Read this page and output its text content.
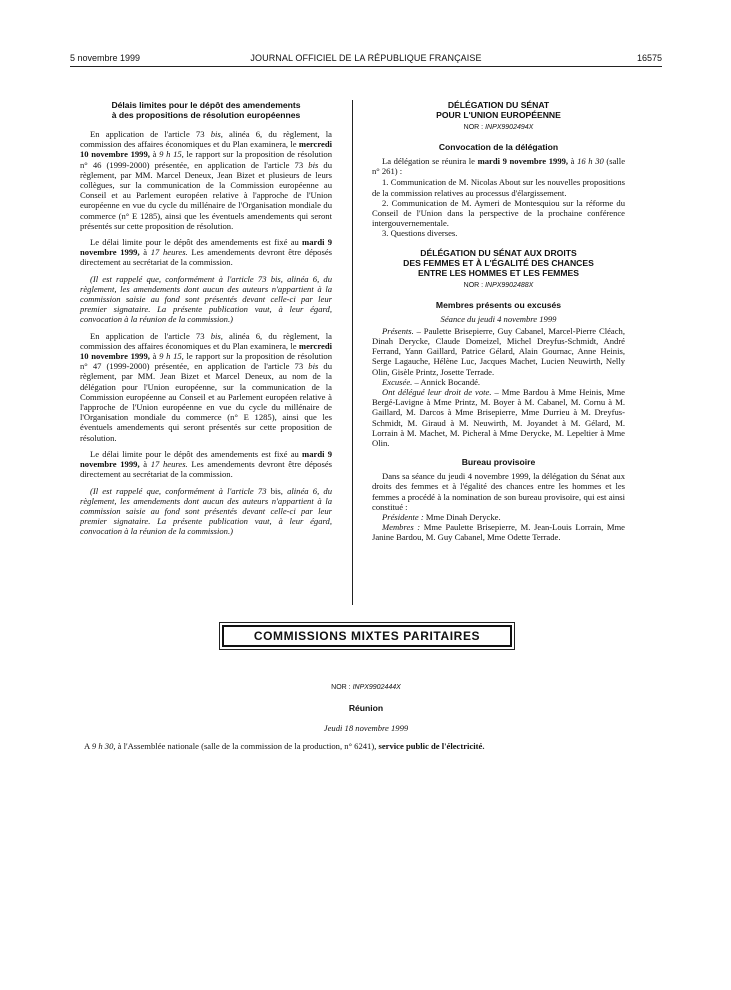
5 novembre 1999	JOURNAL OFFICIEL DE LA RÉPUBLIQUE FRANÇAISE	16575
Délais limites pour le dépôt des amendements
à des propositions de résolution européennes

En application de l'article 73 bis, alinéa 6, du règlement, la commission des affaires économiques et du Plan examinera, le mercredi 10 novembre 1999, à 9 h 15, le rapport sur la proposition de résolution n° 46 (1999-2000) présentée, en application de l'article 73 bis du règlement, par MM. Marcel Deneux, Jean Bizet et plusieurs de leurs collègues, sur la communication de la Commission européenne au Conseil et au Parlement européen relative à l'approche de l'Union européenne en vue du cycle du millénaire de l'Organisation mondiale du commerce (n° E 1285), ainsi que les éventuels amendements qui seront présentés sur cette proposition de résolution.

Le délai limite pour le dépôt des amendements est fixé au mardi 9 novembre 1999, à 17 heures. Les amendements devront être déposés directement au secrétariat de la commission.

(Il est rappelé que, conformément à l'article 73 bis, alinéa 6, du règlement, les amendements dont aucun des auteurs n'appartient à la commission saisie au fond sont présentés devant celle-ci par leur premier signataire. La présente publication vaut, à leur égard, convocation à la réunion de la commission.)

En application de l'article 73 bis, alinéa 6, du règlement, la commission des affaires économiques et du Plan examinera, le mercredi 10 novembre 1999, à 9 h 15, le rapport sur la proposition de résolution n° 47 (1999-2000) présentée, en application de l'article 73 bis du règlement, par MM. Jean Bizet et Marcel Deneux, au nom de la délégation pour l'Union européenne, sur la communication de la Commission européenne au Conseil et au Parlement européen relative à l'approche de l'Union européenne en vue du cycle du millénaire de l'Organisation mondiale du commerce (n° E 1285), ainsi que les éventuels amendements qui seront présentés sur cette proposition de résolution.

Le délai limite pour le dépôt des amendements est fixé au mardi 9 novembre 1999, à 17 heures. Les amendements devront être déposés directement au secrétariat de la commission.

(Il est rappelé que, conformément à l'article 73 bis, alinéa 6, du règlement, les amendements dont aucun des auteurs n'appartient à la commission saisie au fond sont présentés devant celle-ci par leur premier signataire. La présente publication vaut, à leur égard, convocation à la réunion de la commission.)

DÉLÉGATION DU SÉNAT
POUR L'UNION EUROPÉENNE
NOR : INPX9902494X
Convocation de la délégation

La délégation se réunira le mardi 9 novembre 1999, à 16 h 30 (salle n° 261) :

1. Communication de M. Nicolas About sur les nouvelles propositions de la commission relatives au processus d'élargissement.

2. Communication de M. Aymeri de Montesquiou sur la réforme du Conseil de l'Union dans la perspective de la prochaine conférence intergouvernementale.

3. Questions diverses.

DÉLÉGATION DU SÉNAT AUX DROITS
DES FEMMES ET À L'ÉGALITÉ DES CHANCES
ENTRE LES HOMMES ET LES FEMMES
NOR : INPX9902488X
Membres présents ou excusés
Séance du jeudi 4 novembre 1999

Présents. – Paulette Brisepierre, Guy Cabanel, Marcel-Pierre Cléach, Dinah Derycke, Claude Domeizel, Michel Dreyfus-Schmidt, André Ferrand, Yann Gaillard, Patrice Gélard, Alain Gournac, Anne Heinis, Serge Lagauche, Hélène Luc, Jacques Machet, Lucien Neuwirth, Nelly Olin, Gisèle Printz, Josette Terrade.

Excusée. – Annick Bocandé.

Ont délégué leur droit de vote. – Mme Bardou à Mme Heinis, Mme Bergé-Lavigne à Mme Printz, M. Boyer à M. Cabanel, M. Cornu à M. Gaillard, M. Darcos à Mme Brisepierre, Mme Durrieu à M. Dreyfus-Schmidt, M. Giraud à M. Neuwirth, M. Joyandet à M. Gélard, M. Lorrain à M. Machet, M. Picheral à Mme Derycke, M. Lepeltier à Mme Olin.

Bureau provisoire

Dans sa séance du jeudi 4 novembre 1999, la délégation du Sénat aux droits des femmes et à l'égalité des chances entre les hommes et les femmes a procédé à la nomination de son bureau provisoire, qui est ainsi constitué :

Présidente : Mme Dinah Derycke.

Membres : Mme Paulette Brisepierre, M. Jean-Louis Lorrain, Mme Janine Bardou, M. Guy Cabanel, Mme Odette Terrade.

COMMISSIONS MIXTES PARITAIRES
NOR : INPX9902444X
Réunion
Jeudi 18 novembre 1999
A 9 h 30, à l'Assemblée nationale (salle de la commission de la production, n° 6241), service public de l'électricité.
